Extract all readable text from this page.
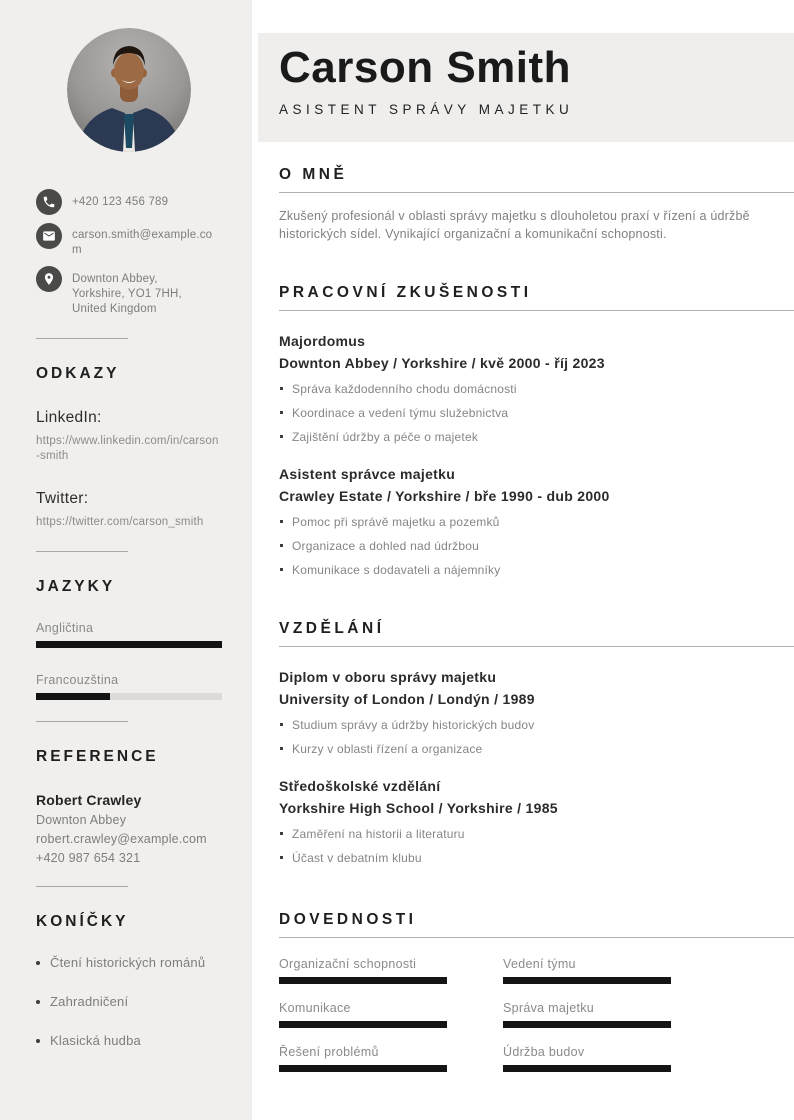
+420 123 456 789
carson.smith@example.com
Downton Abbey,
Yorkshire, YO1 7HH,
United Kingdom
ODKAZY
LinkedIn:
https://www.linkedin.com/in/carson-smith
Twitter:
https://twitter.com/carson_smith
JAZYKY
Angličtina
Francouzština
REFERENCE
Robert Crawley
Downton Abbey
robert.crawley@example.com
+420 987 654 321
KONÍČKY
Čtení historických románů
Zahradničení
Klasická hudba
Carson Smith
ASISTENT SPRÁVY MAJETKU
O MNĚ

Zkušený profesionál v oblasti správy majetku s dlouholetou praxí v řízení a údržbě historických sídel. Vynikající organizační a komunikační schopnosti.

PRACOVNÍ ZKUŠENOSTI
Majordomus
Downton Abbey / Yorkshire / kvě 2000 - říj 2023
Správa každodenního chodu domácnosti
Koordinace a vedení týmu služebnictva
Zajištění údržby a péče o majetek
Asistent správce majetku
Crawley Estate / Yorkshire / bře 1990 - dub 2000
Pomoc při správě majetku a pozemků
Organizace a dohled nad údržbou
Komunikace s dodavateli a nájemníky
VZDĚLÁNÍ
Diplom v oboru správy majetku
University of London / Londýn / 1989
Studium správy a údržby historických budov
Kurzy v oblasti řízení a organizace
Středoškolské vzdělání
Yorkshire High School / Yorkshire / 1985
Zaměření na historii a literaturu
Účast v debatním klubu
DOVEDNOSTI
Organizační schopnosti	Vedení týmu
Komunikace	Správa majetku
Řešení problémů	Údržba budov
